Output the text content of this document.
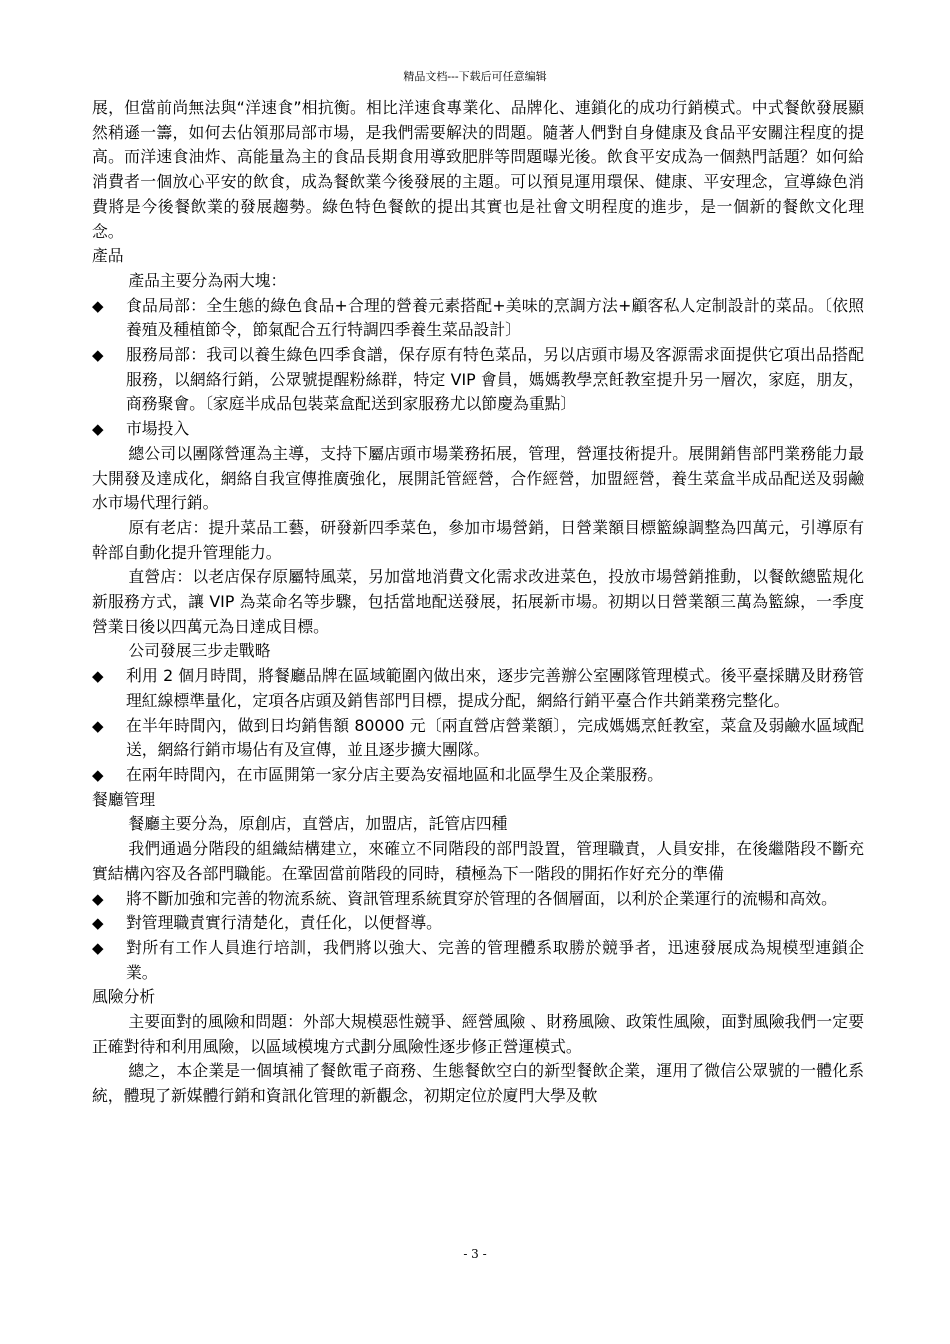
精品文档---下载后可任意编辑

展，但當前尚無法與“洋速食”相抗衡。相比洋速食專業化、品牌化、連鎖化的成功行銷模式。中式餐飲發展顯然稍遜一籌，如何去佔領那局部市場，是我們需要解決的問題。隨著人們對自身健康及食品平安關注程度的提高。而洋速食油炸、高能量為主的食品長期食用導致肥胖等問題曝光後。飲食平安成為一個熱門話題？如何給消費者一個放心平安的飲食，成為餐飲業今後發展的主題。可以預見運用環保、健康、平安理念，宣導綠色消費將是今後餐飲業的發展趨勢。綠色特色餐飲的提出其實也是社會文明程度的進步，是一個新的餐飲文化理念。

產品

產品主要分為兩大塊：

◆ 食品局部：全生態的綠色食品+合理的營養元素搭配+美味的烹調方法+顧客私人定制設計的菜品。〔依照養殖及種植節令，節氣配合五行特調四季養生菜品設計〕
◆ 服務局部：我司以養生綠色四季食譜，保存原有特色菜品，另以店頭市場及客源需求面提供它項出品搭配服務，以網絡行銷，公眾號提醒粉絲群，特定 VIP 會員，媽媽教學烹飪教室提升另一層次，家庭，朋友，商務聚會。〔家庭半成品包裝菜盒配送到家服務尤以節慶為重點〕
◆ 市場投入

總公司以團隊營運為主導，支持下屬店頭市場業務拓展，管理，營運技術提升。展開銷售部門業務能力最大開發及達成化，網絡自我宣傳推廣強化，展開託管經營，合作經營，加盟經營，養生菜盒半成品配送及弱鹼水市場代理行銷。

原有老店：提升菜品工藝，研發新四季菜色，參加市場營銷，日營業額目標籃線調整為四萬元，引導原有幹部自動化提升管理能力。

直營店：以老店保存原屬特風菜，另加當地消費文化需求改进菜色，投放市場營銷推動，以餐飲總監規化新服務方式，讓 VIP 為菜命名等步驟，包括當地配送發展，拓展新市場。初期以日營業額三萬為籃線，一季度營業日後以四萬元為日達成目標。

公司發展三步走戰略

◆ 利用 2 個月時間，將餐廳品牌在區域範圍內做出來，逐步完善辦公室團隊管理模式。後平臺採購及財務管理紅線標準量化，定項各店頭及銷售部門目標，提成分配，網絡行銷平臺合作共銷業務完整化。
◆ 在半年時間內，做到日均銷售額 80000 元〔兩直營店營業額〕，完成媽媽烹飪教室，菜盒及弱鹼水區域配送，網絡行銷市場佔有及宣傳，並且逐步擴大團隊。
◆ 在兩年時間內，在市區開第一家分店主要為安福地區和北區學生及企業服務。

餐廳管理

餐廳主要分為，原創店，直營店，加盟店，託管店四種

我們通過分階段的組織結構建立，來確立不同階段的部門設置，管理職責，人員安排，在後繼階段不斷充實結構內容及各部門職能。在鞏固當前階段的同時，積極為下一階段的開拓作好充分的準備

◆ 將不斷加強和完善的物流系統、資訊管理系統貫穿於管理的各個層面，以利於企業運行的流暢和高效。
◆ 對管理職責實行清楚化，責任化，以便督導。
◆ 對所有工作人員進行培訓，我們將以強大、完善的管理體系取勝於競爭者，迅速發展成為規模型連鎖企業。

風險分析

主要面對的風險和問題：外部大規模惡性競爭、經營風險 、財務風險、政策性風險，面對風險我們一定要正確對待和利用風險，以區域模塊方式劃分風險性逐步修正營運模式。

總之，本企業是一個填補了餐飲電子商務、生態餐飲空白的新型餐飲企業，運用了微信公眾號的一體化系統，體現了新媒體行銷和資訊化管理的新觀念，初期定位於廈門大學及軟

- 3 -
